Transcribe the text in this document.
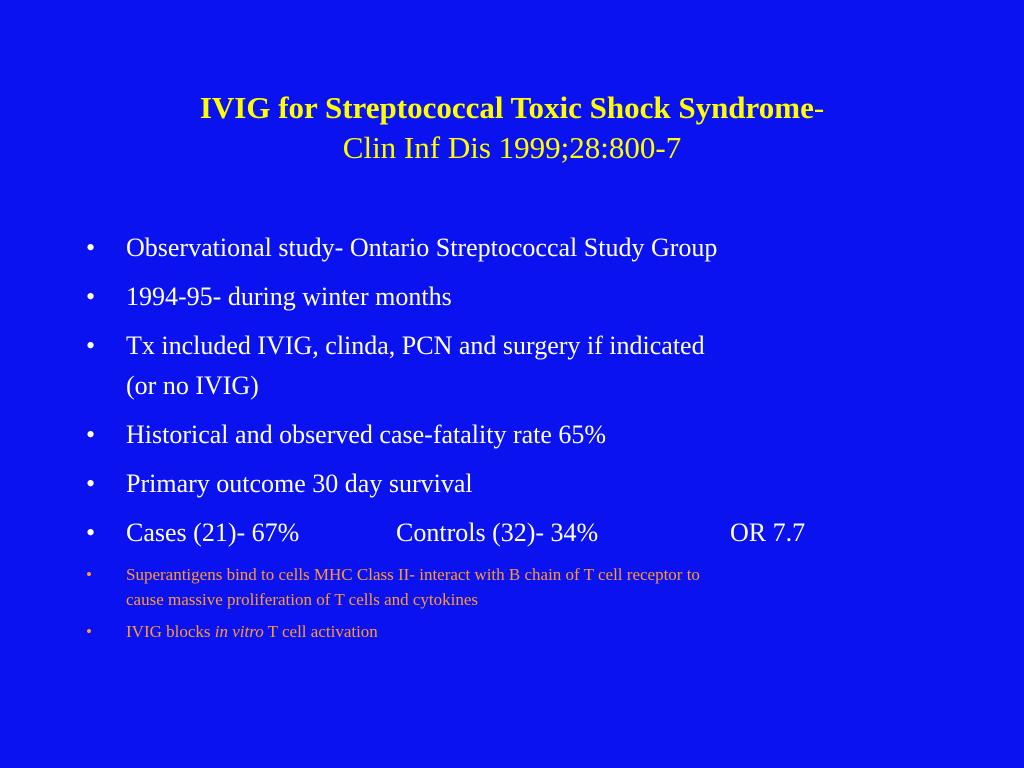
IVIG for Streptococcal Toxic Shock Syndrome-
Clin Inf Dis 1999;28:800-7
• Observational study- Ontario Streptococcal Study Group
• 1994-95- during winter months
• Tx included IVIG, clinda, PCN and surgery if indicated
(or no IVIG)
• Historical and observed case-fatality rate 65%
• Primary outcome 30 day survival
• Cases (21)- 67%	Controls (32)- 34%	OR 7.7
• Superantigens bind to cells MHC Class II- interact with B chain of T cell receptor to
cause massive proliferation of T cells and cytokines
• IVIG blocks in vitro T cell activation
